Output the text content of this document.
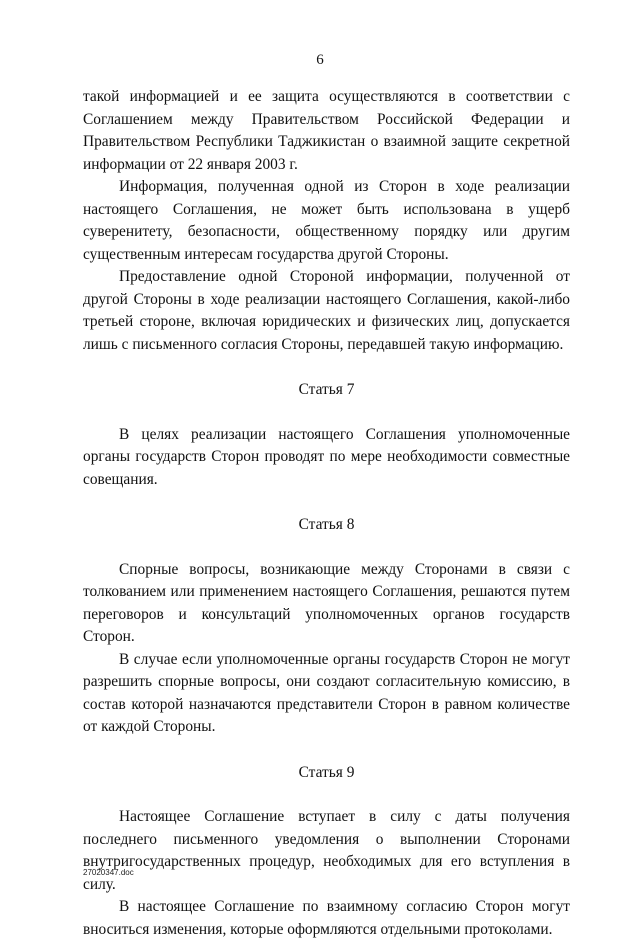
6

такой информацией и ее защита осуществляются в соответствии с Соглашением между Правительством Российской Федерации и Правительством Республики Таджикистан о взаимной защите секретной информации от 22 января 2003 г.

Информация, полученная одной из Сторон в ходе реализации настоящего Соглашения, не может быть использована в ущерб суверенитету, безопасности, общественному порядку или другим существенным интересам государства другой Стороны.

Предоставление одной Стороной информации, полученной от другой Стороны в ходе реализации настоящего Соглашения, какой-либо третьей стороне, включая юридических и физических лиц, допускается лишь с письменного согласия Стороны, передавшей такую информацию.

Статья 7

В целях реализации настоящего Соглашения уполномоченные органы государств Сторон проводят по мере необходимости совместные совещания.

Статья 8

Спорные вопросы, возникающие между Сторонами в связи с толкованием или применением настоящего Соглашения, решаются путем переговоров и консультаций уполномоченных органов государств Сторон.

В случае если уполномоченные органы государств Сторон не могут разрешить спорные вопросы, они создают согласительную комиссию, в состав которой назначаются представители Сторон в равном количестве от каждой Стороны.

Статья 9

Настоящее Соглашение вступает в силу с даты получения последнего письменного уведомления о выполнении Сторонами внутригосударственных процедур, необходимых для его вступления в силу.

В настоящее Соглашение по взаимному согласию Сторон могут вноситься изменения, которые оформляются отдельными протоколами.

27020347.doc
